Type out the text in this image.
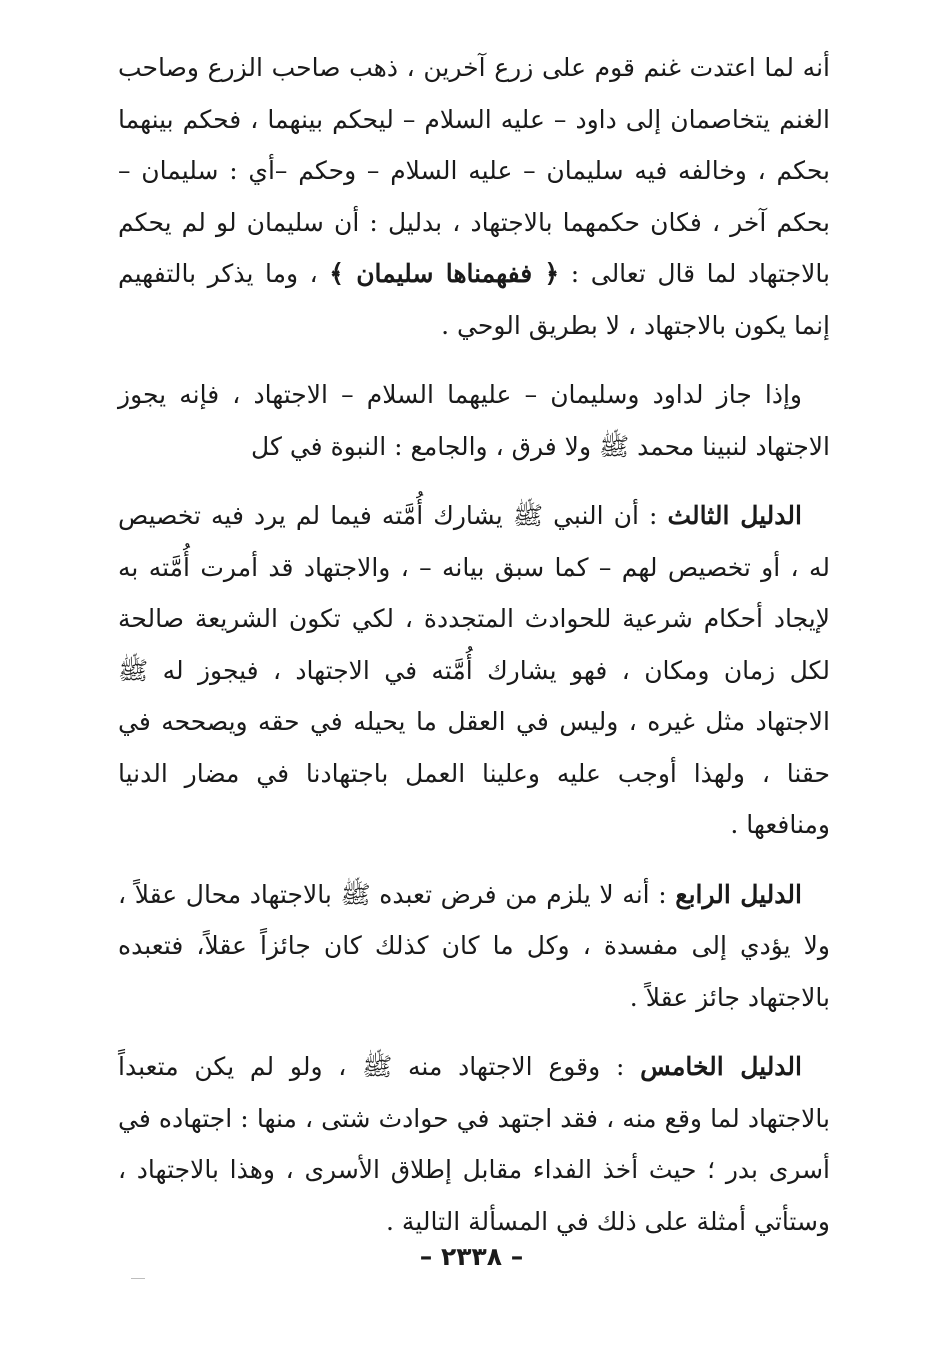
أنه لما اعتدت غنم قوم على زرع آخرين ، ذهب صاحب الزرع وصاحب الغنم يتخاصمان إلى داود – عليه السلام – ليحكم بينهما ، فحكم بينهما بحكم ، وخالفه فيه سليمان – عليه السلام – وحكم –أي : سليمان – بحكم آخر ، فكان حكمهما بالاجتهاد ، بدليل : أن سليمان لو لم يحكم بالاجتهاد لما قال تعالى : ﴿ ففهمناها سليمان ﴾ ، وما يذكر بالتفهيم إنما يكون بالاجتهاد ، لا بطريق الوحي .

وإذا جاز لداود وسليمان – عليهما السلام – الاجتهاد ، فإنه يجوز الاجتهاد لنبينا محمد ﷺ ولا فرق ، والجامع : النبوة في كل

الدليل الثالث : أن النبي ﷺ يشارك أُمَّته فيما لم يرد فيه تخصيص له ، أو تخصيص لهم – كما سبق بيانه – ، والاجتهاد قد أمرت أُمَّته به لإيجاد أحكام شرعية للحوادث المتجددة ، لكي تكون الشريعة صالحة لكل زمان ومكان ، فهو يشارك أُمَّته في الاجتهاد ، فيجوز له ﷺ الاجتهاد مثل غيره ، وليس في العقل ما يحيله في حقه ويصححه في حقنا ، ولهذا أوجب عليه وعلينا العمل باجتهادنا في مضار الدنيا ومنافعها .

الدليل الرابع : أنه لا يلزم من فرض تعبده ﷺ بالاجتهاد محال عقلاً ، ولا يؤدي إلى مفسدة ، وكل ما كان كذلك كان جائزاً عقلاً، فتعبده بالاجتهاد جائز عقلاً .

الدليل الخامس : وقوع الاجتهاد منه ﷺ ، ولو لم يكن متعبداً بالاجتهاد لما وقع منه ، فقد اجتهد في حوادث شتى ، منها : اجتهاده في أسرى بدر ؛ حيث أخذ الفداء مقابل إطلاق الأسرى ، وهذا بالاجتهاد ، وستأتي أمثلة على ذلك في المسألة التالية .

– ٢٣٣٨ –
